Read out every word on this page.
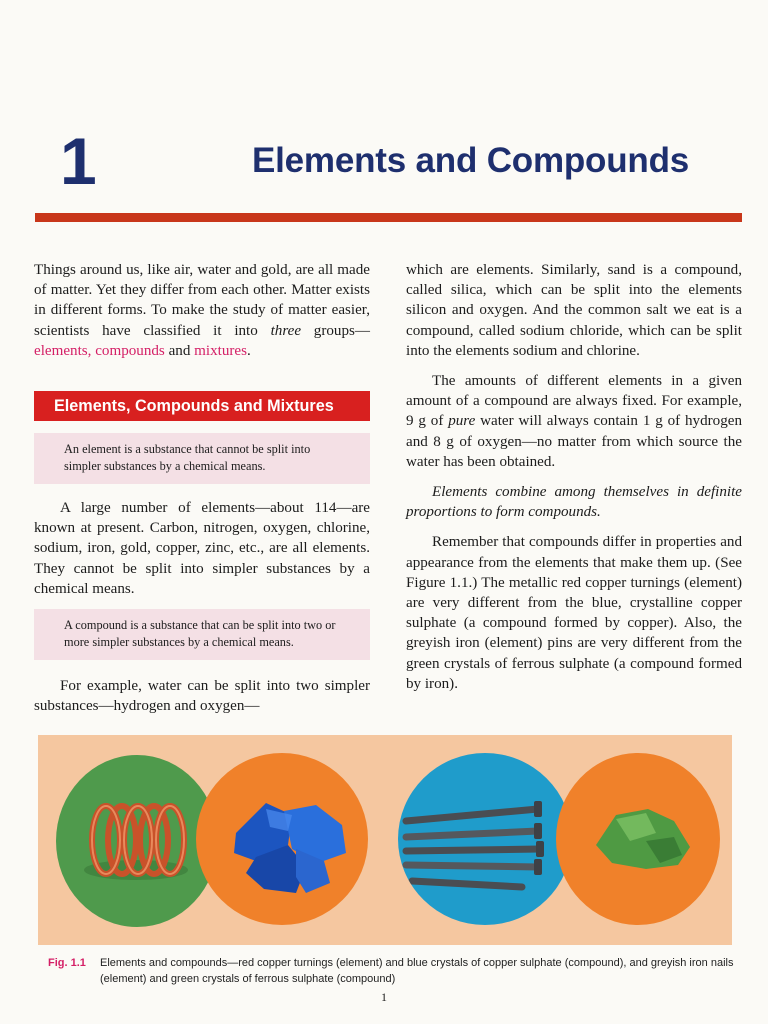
1	Elements and Compounds

Things around us, like air, water and gold, are all made of matter. Yet they differ from each other. Matter exists in different forms. To make the study of matter easier, scientists have classified it into three groups—elements, compounds and mixtures.

Elements, Compounds and Mixtures
An element is a substance that cannot be split into simpler substances by a chemical means.

A large number of elements—about 114—are known at present. Carbon, nitrogen, oxygen, chlorine, sodium, iron, gold, copper, zinc, etc., are all elements. They cannot be split into simpler substances by a chemical means.

A compound is a substance that can be split into two or more simpler substances by a chemical means.

For example, water can be split into two simpler substances—hydrogen and oxygen—

which are elements. Similarly, sand is a compound, called silica, which can be split into the elements silicon and oxygen. And the common salt we eat is a compound, called sodium chloride, which can be split into the elements sodium and chlorine.

The amounts of different elements in a given amount of a compound are always fixed. For example, 9 g of pure water will always contain 1 g of hydrogen and 8 g of oxygen—no matter from which source the water has been obtained.

Elements combine among themselves in definite proportions to form compounds.

Remember that compounds differ in properties and appearance from the elements that make them up. (See Figure 1.1.) The metallic red copper turnings (element) are very different from the blue, crystalline copper sulphate (a compound formed by copper). Also, the greyish iron (element) pins are very different from the green crystals of ferrous sulphate (a compound formed by iron).

Fig. 1.1 Elements and compounds—red copper turnings (element) and blue crystals of copper sulphate (compound), and greyish iron nails (element) and green crystals of ferrous sulphate (compound)
1
